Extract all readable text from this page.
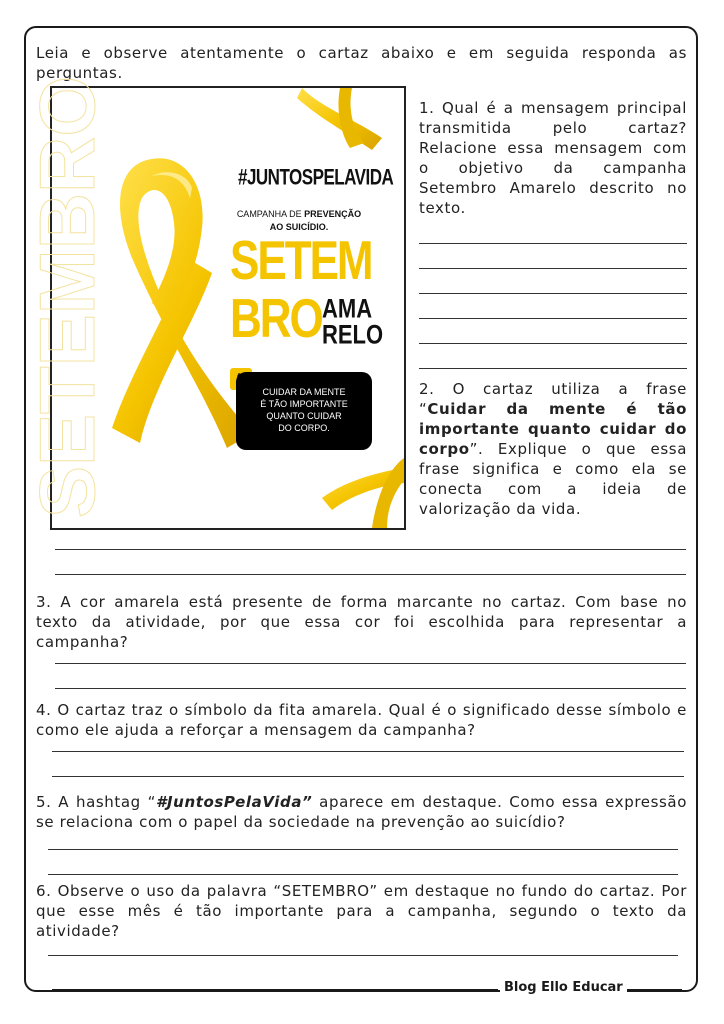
Leia e observe atentamente o cartaz abaixo e em seguida responda as perguntas.
SETEMBRO	#JUNTOSPELAVIDA
CAMPANHA DE PREVENÇÃO
AO SUICÍDIO.
SETEM
BRO AMA
RELO
CUIDAR DA MENTE
É TÃO IMPORTANTE
QUANTO CUIDAR
DO CORPO.
1. Qual é a mensagem principal transmitida pelo cartaz? Relacione essa mensagem com o objetivo da campanha Setembro Amarelo descrito no texto.
2. O cartaz utiliza a frase “Cuidar da mente é tão importante quanto cuidar do corpo”. Explique o que essa frase significa e como ela se conecta com a ideia de valorização da vida.
3. A cor amarela está presente de forma marcante no cartaz. Com base no texto da atividade, por que essa cor foi escolhida para representar a campanha?
4. O cartaz traz o símbolo da fita amarela. Qual é o significado desse símbolo e como ele ajuda a reforçar a mensagem da campanha?
5. A hashtag “#JuntosPelaVida” aparece em destaque. Como essa expressão se relaciona com o papel da sociedade na prevenção ao suicídio?
6. Observe o uso da palavra “SETEMBRO” em destaque no fundo do cartaz. Por que esse mês é tão importante para a campanha, segundo o texto da atividade?
Blog Ello Educar
